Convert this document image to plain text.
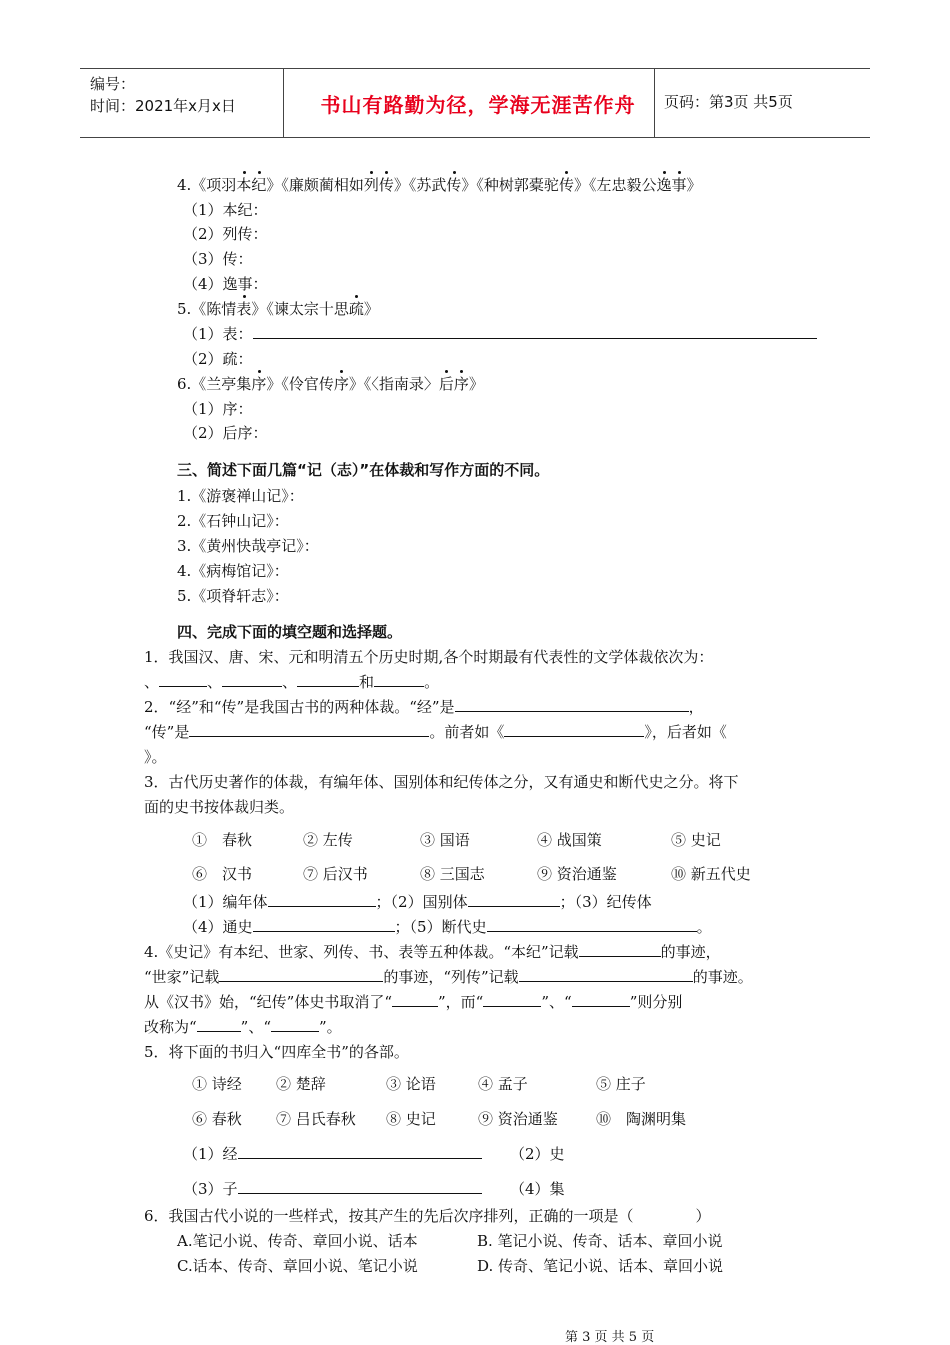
编号：
时间：2021年x月x日	书山有路勤为径，学海无涯苦作舟	页码：第3页 共5页
4.《项羽本纪》《廉颇蔺相如列传》《苏武传》《种树郭橐驼传》《左忠毅公逸事》
（1）本纪：
（2）列传：
（3）传：
（4）逸事：
5.《陈情表》《谏太宗十思疏》
（1）表：
（2）疏：
6.《兰亭集序》《伶官传序》《〈指南录〉后序》
（1）序：
（2）后序：
三、简述下面几篇“记（志）”在体裁和写作方面的不同。
1.《游褒禅山记》：
2.《石钟山记》：
3.《黄州快哉亭记》：
4.《病梅馆记》：
5.《项脊轩志》：
四、完成下面的填空题和选择题。
1．我国汉、唐、宋、元和明清五个历史时期,各个时期最有代表性的文学体裁依次为：
、	、	、	和	。
2．“经”和“传”是我国古书的两种体裁。“经”是	，
“传”是	。前者如《	》，后者如《
》。
3．古代历史著作的体裁，有编年体、国别体和纪传体之分，又有通史和断代史之分。将下
面的史书按体裁归类。
①　春秋	② 左传	③ 国语	④ 战国策	⑤ 史记
⑥　汉书	⑦ 后汉书	⑧ 三国志	⑨ 资治通鉴	⑩ 新五代史
（1）编年体	；（2）国别体	；（3）纪传体
（4）通史	；（5）断代史	。
4.《史记》有本纪、世家、列传、书、表等五种体裁。“本纪”记载	的事迹，
“世家”记载	的事迹，“列传”记载	的事迹。
从《汉书》始，“纪传”体史书取消了“	”，而“	”、“	”则分别
改称为“	”、“	”。
5．将下面的书归入“四库全书”的各部。
① 诗经 ② 楚辞	③ 论语	④ 孟子	⑤ 庄子
⑥ 春秋 ⑦ 吕氏春秋 ⑧ 史记	⑨ 资治通鉴	⑩　陶渊明集
（1）经	（2）史
（3）子	（4）集
6．我国古代小说的一些样式，按其产生的先后次序排列，正确的一项是（	）
A.笔记小说、传奇、章回小说、话本	B. 笔记小说、传奇、话本、章回小说
C.话本、传奇、章回小说、笔记小说	D. 传奇、笔记小说、话本、章回小说
第 3 页 共 5 页
